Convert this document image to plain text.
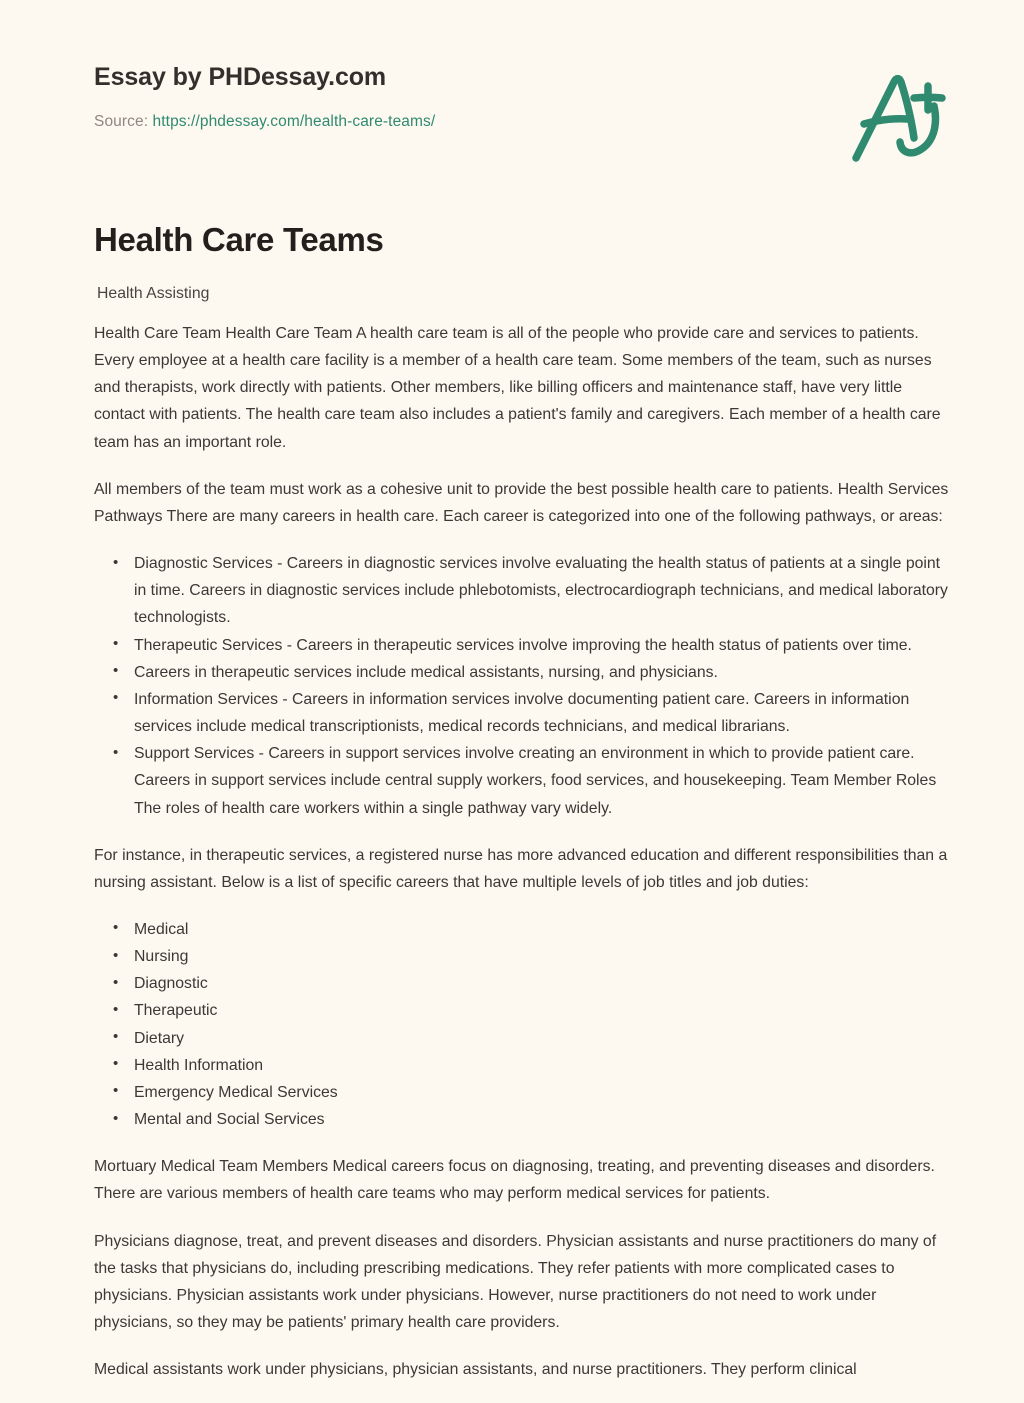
Essay by PHDessay.com
Source: https://phdessay.com/health-care-teams/
Health Care Teams
Health Assisting

Health Care Team Health Care Team A health care team is all of the people who provide care and services to patients. Every employee at a health care facility is a member of a health care team. Some members of the team, such as nurses and therapists, work directly with patients. Other members, like billing officers and maintenance staff, have very little contact with patients. The health care team also includes a patient's family and caregivers. Each member of a health care team has an important role.

All members of the team must work as a cohesive unit to provide the best possible health care to patients. Health Services Pathways There are many careers in health care. Each career is categorized into one of the following pathways, or areas:

• Diagnostic Services - Careers in diagnostic services involve evaluating the health status of patients at a single point in time. Careers in diagnostic services include phlebotomists, electrocardiograph technicians, and medical laboratory technologists.
• Therapeutic Services - Careers in therapeutic services involve improving the health status of patients over time.
• Careers in therapeutic services include medical assistants, nursing, and physicians.
• Information Services - Careers in information services involve documenting patient care. Careers in information services include medical transcriptionists, medical records technicians, and medical librarians.
• Support Services - Careers in support services involve creating an environment in which to provide patient care. Careers in support services include central supply workers, food services, and housekeeping. Team Member Roles The roles of health care workers within a single pathway vary widely.

For instance, in therapeutic services, a registered nurse has more advanced education and different responsibilities than a nursing assistant. Below is a list of specific careers that have multiple levels of job titles and job duties:

• Medical
• Nursing
• Diagnostic
• Therapeutic
• Dietary
• Health Information
• Emergency Medical Services
• Mental and Social Services

Mortuary Medical Team Members Medical careers focus on diagnosing, treating, and preventing diseases and disorders. There are various members of health care teams who may perform medical services for patients.

Physicians diagnose, treat, and prevent diseases and disorders. Physician assistants and nurse practitioners do many of the tasks that physicians do, including prescribing medications. They refer patients with more complicated cases to physicians. Physician assistants work under physicians. However, nurse practitioners do not need to work under physicians, so they may be patients' primary health care providers.

Medical assistants work under physicians, physician assistants, and nurse practitioners. They perform clinical
